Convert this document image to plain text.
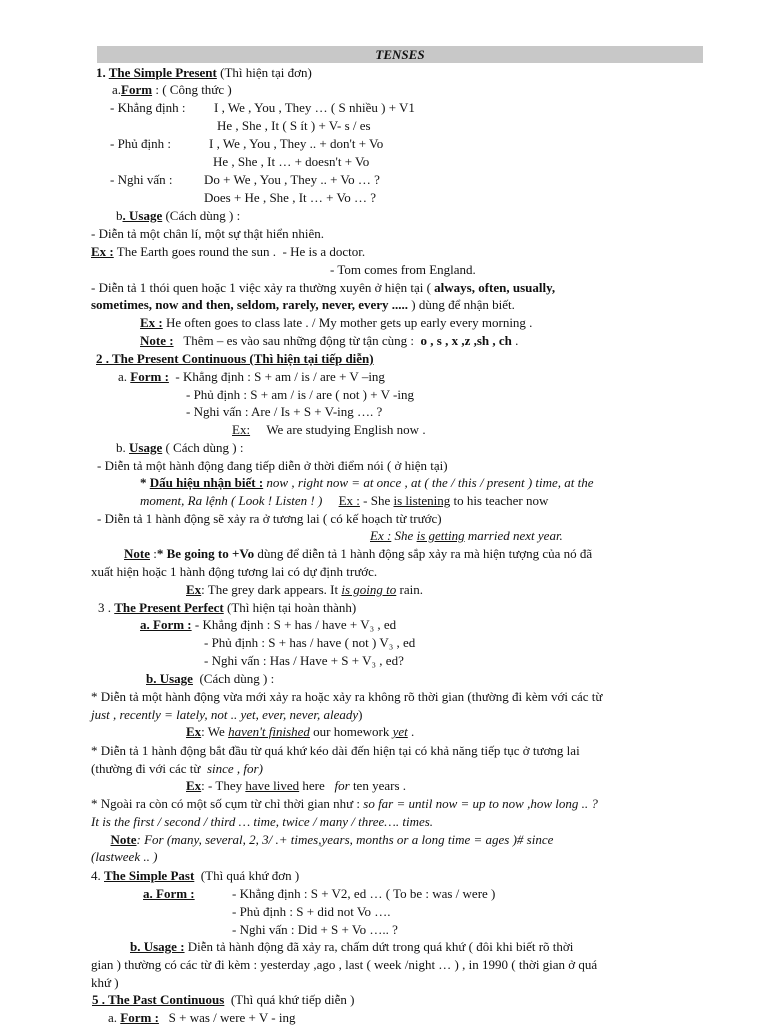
TENSES
1. The Simple Present (Thì hiện tại đơn)
a.Form : ( Công thức )
- Khẳng định : I , We , You , They … ( S nhiều ) + V1
He , She , It ( S ít ) + V- s / es
- Phủ định :	I , We , You , They .. + don't + Vo
He , She , It … + doesn't + Vo
- Nghi vấn : Do + We , You , They .. + Vo … ?
Does + He , She , It … + Vo … ?
b. Usage (Cách dùng ) :
- Diễn tả một chân lí, một sự thật hiển nhiên.
Ex : The Earth goes round the sun . - He is a doctor.
- Tom comes from England.
- Diễn tả 1 thói quen hoặc 1 việc xảy ra thường xuyên ở hiện tại ( always, often, usually,
sometimes, now and then, seldom, rarely, never, every ..... ) dùng để nhận biết.
Ex : He often goes to class late . / My mother gets up early every morning .
Note : Thêm – es vào sau những động từ tận cùng : o , s , x ,z ,sh , ch .
2 . The Present Continuous (Thì hiện tại tiếp diễn)
a. Form : - Khẳng định : S + am / is / are + V –ing
- Phủ định : S + am / is / are ( not ) + V -ing
- Nghi vấn : Are / Is + S + V-ing …. ?
Ex: We are studying English now .
b. Usage ( Cách dùng ) :
- Diễn tả một hành động đang tiếp diễn ở thời điểm nói ( ở hiện tại)
* Dấu hiệu nhận biết : now , right now = at once , at ( the / this / present ) time, at the
moment, Ra lệnh ( Look ! Listen ! ) Ex : - She is listening to his teacher now
- Diễn tả 1 hành động sẽ xảy ra ở tương lai ( có kế hoạch từ trước)
Ex : She is getting married next year.
Note :* Be going to +Vo dùng để diễn tả 1 hành động sắp xảy ra mà hiện tượng của nó đã
xuất hiện hoặc 1 hành động tương lai có dự định trước.
Ex: The grey dark appears. It is going to rain.
3 . The Present Perfect (Thì hiện tại hoàn thành)
a. Form : - Khẳng định : S + has / have + V₃ , ed
- Phủ định : S + has / have ( not ) V₃ , ed
- Nghi vấn : Has / Have + S + V₃ , ed?
b. Usage (Cách dùng ) :
* Diễn tả một hành động vừa mới xảy ra hoặc xảy ra không rõ thời gian (thường đi kèm với các từ
just , recently = lately, not .. yet, ever, never, aleady)
Ex: We haven't finished our homework yet .
* Diễn tả 1 hành động bắt đầu từ quá khứ kéo dài đến hiện tại có khả năng tiếp tục ở tương lai
(thường đi với các từ since , for)
Ex: - They have lived here for ten years .
* Ngoài ra còn có một số cụm từ chỉ thời gian như : so far = until now = up to now ,how long .. ?
It is the first / second / third … time, twice / many / three…. times.
Note: For (many, several, 2, 3/ .+ times,years, months or a long time = ages )# since
(lastweek .. )
4. The Simple Past (Thì quá khứ đơn )
a. Form :	- Khẳng định : S + V2, ed … ( To be : was / were )
- Phủ định : S + did not Vo ….
- Nghi vấn : Did + S + Vo ….. ?
b. Usage : Diễn tả hành động đã xảy ra, chấm dứt trong quá khứ ( đôi khi biết rõ thời
gian ) thường có các từ đi kèm : yesterday ,ago , last ( week /night … ) , in 1990 ( thời gian ở quá
khứ )
5 . The Past Continuous (Thì quá khứ tiếp diễn )
a. Form : S + was / were + V - ing
